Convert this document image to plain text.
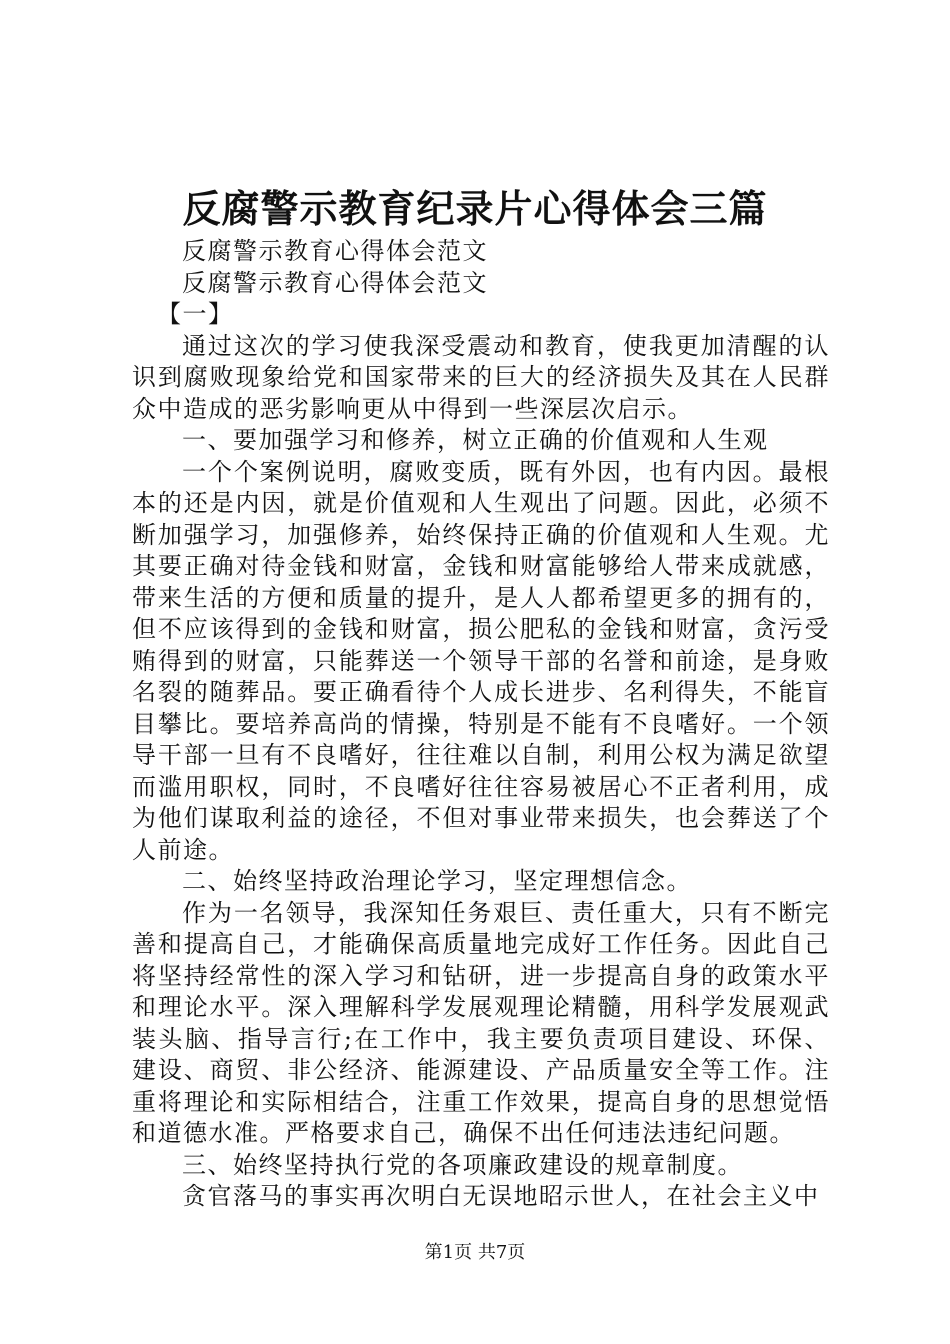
反腐警示教育纪录片心得体会三篇

反腐警示教育心得体会范文

反腐警示教育心得体会范文

【一】

通过这次的学习使我深受震动和教育，使我更加清醒的认识到腐败现象给党和国家带来的巨大的经济损失及其在人民群众中造成的恶劣影响更从中得到一些深层次启示。

一、要加强学习和修养，树立正确的价值观和人生观

一个个案例说明，腐败变质，既有外因，也有内因。最根本的还是内因，就是价值观和人生观出了问题。因此，必须不断加强学习，加强修养，始终保持正确的价值观和人生观。尤其要正确对待金钱和财富，金钱和财富能够给人带来成就感，带来生活的方便和质量的提升，是人人都希望更多的拥有的，但不应该得到的金钱和财富，损公肥私的金钱和财富，贪污受贿得到的财富，只能葬送一个领导干部的名誉和前途，是身败名裂的随葬品。要正确看待个人成长进步、名利得失，不能盲目攀比。要培养高尚的情操，特别是不能有不良嗜好。一个领导干部一旦有不良嗜好，往往难以自制，利用公权为满足欲望而滥用职权，同时，不良嗜好往往容易被居心不正者利用，成为他们谋取利益的途径，不但对事业带来损失，也会葬送了个人前途。

二、始终坚持政治理论学习，坚定理想信念。

作为一名领导，我深知任务艰巨、责任重大，只有不断完善和提高自己，才能确保高质量地完成好工作任务。因此自己将坚持经常性的深入学习和钻研，进一步提高自身的政策水平和理论水平。深入理解科学发展观理论精髓，用科学发展观武装头脑、指导言行;在工作中，我主要负责项目建设、环保、建设、商贸、非公经济、能源建设、产品质量安全等工作。注重将理论和实际相结合，注重工作效果，提高自身的思想觉悟和道德水准。严格要求自己，确保不出任何违法违纪问题。

三、始终坚持执行党的各项廉政建设的规章制度。

贪官落马的事实再次明白无误地昭示世人，在社会主义中

第1页 共7页
